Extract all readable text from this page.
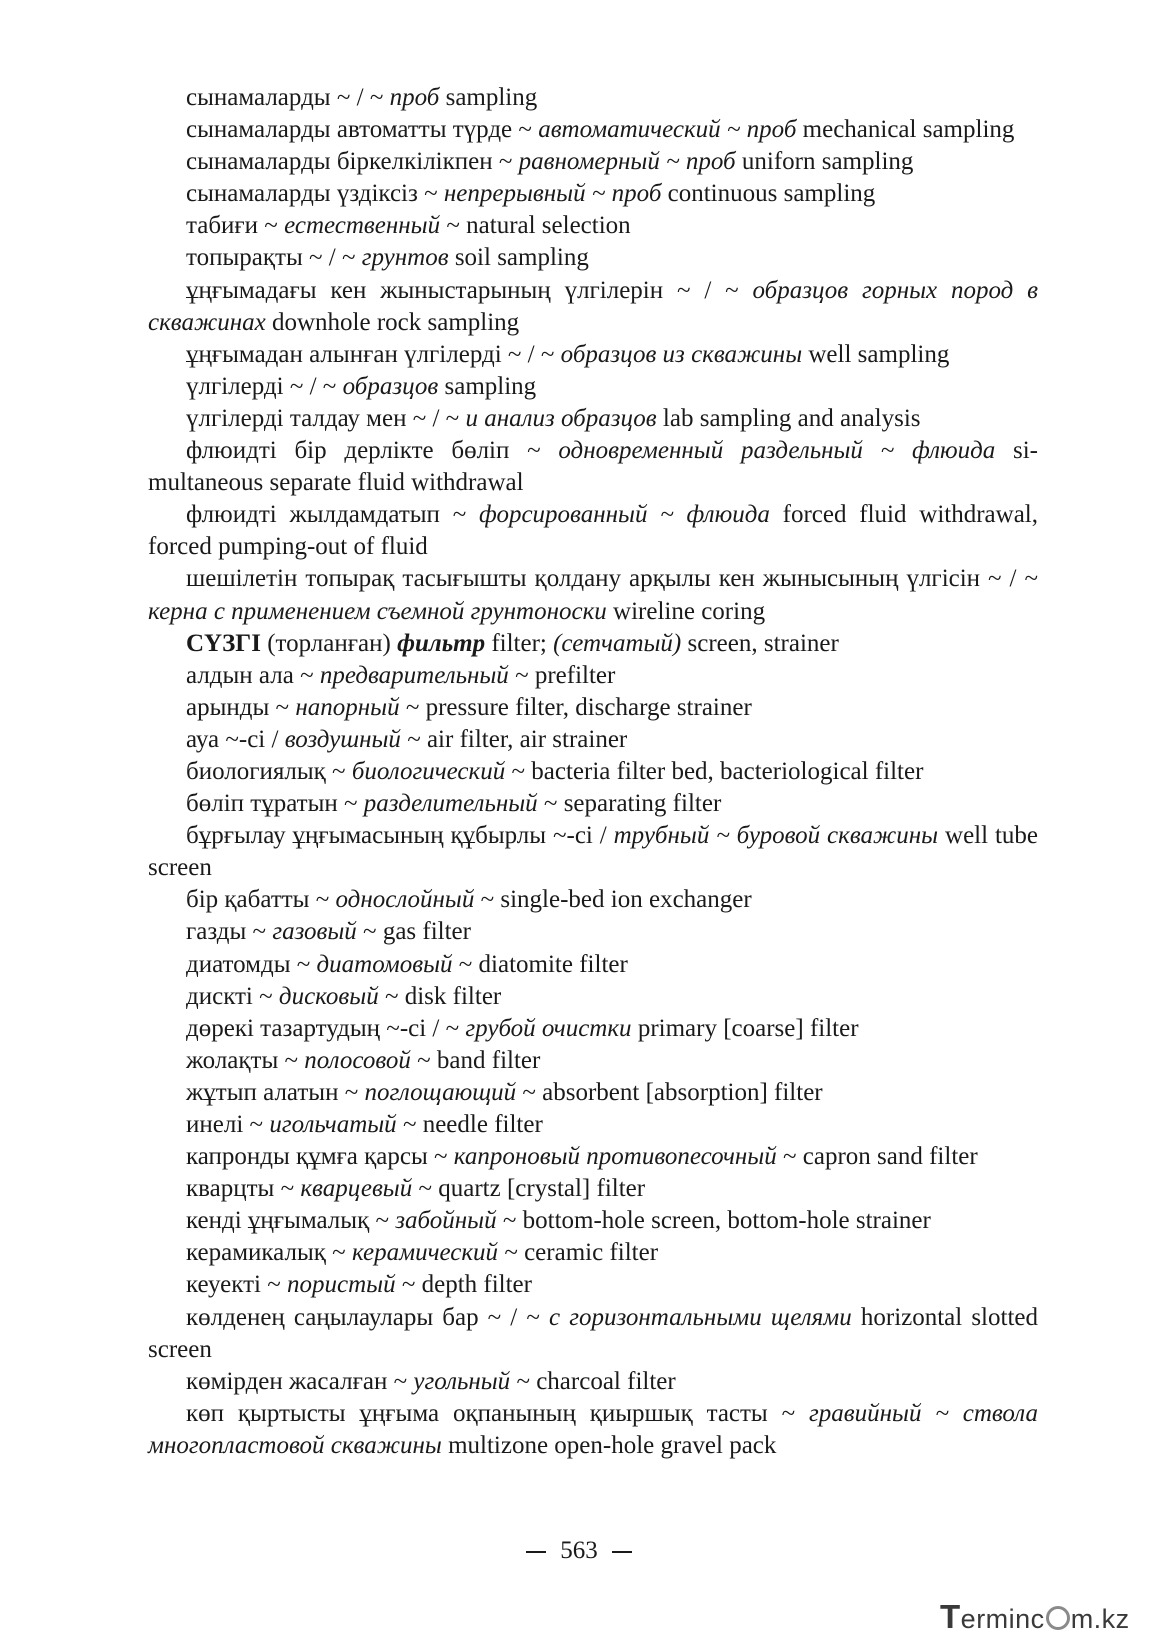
сынамаларды ~ / ~ проб sampling

сынамаларды автоматты түрде ~ автоматический ~ проб mechanical sampling

сынамаларды біркелкілікпен ~ равномерный ~ проб uniforn sampling

сынамаларды үздіксіз ~ непрерывный ~ проб continuous sampling

табиғи ~ естественный ~ natural selection

топырақты ~ / ~ грунтов soil sampling

ұңғымадағы кен жыныстарының үлгілерін ~ / ~ образцов горных пород в скважинах downhole rock sampling

ұңғымадан алынған үлгілерді ~ / ~ образцов из скважины well sampling

үлгілерді ~ / ~ образцов sampling

үлгілерді талдау мен ~ / ~ и анализ образцов lab sampling and analysis

флюидті бір дерлікте бөліп ~ одновременный раздельный ~ флюида simultaneous separate fluid withdrawal

флюидті жылдамдатып ~ форсированный ~ флюида forced fluid withdrawal, forced pumping-out of fluid

шешілетін топырақ тасығышты қолдану арқылы кен жынысының үлгісін ~ / ~ керна с применением съемной грунтоноски wireline coring

СҮЗГІ (торланған) фильтр filter; (сетчатый) screen, strainer

алдын ала ~ предварительный ~ prefilter

арынды ~ напорный ~ pressure filter, discharge strainer

ауа ~-сі / воздушный ~ air filter, air strainer

биологиялық ~ биологический ~ bacteria filter bed, bacteriological filter

бөліп тұратын ~ разделительный ~ separating filter

бұрғылау ұңғымасының құбырлы ~-сі / трубный ~ буровой скважины well tube screen

бір қабатты ~ однослойный ~ single-bed ion exchanger

газды ~ газовый ~ gas filter

диатомды ~ диатомовый ~ diatomite filter

дискті ~ дисковый ~ disk filter

дөрекі тазартудың ~-сі / ~ грубой очистки primary [coarse] filter

жолақты ~ полосовой ~ band filter

жұтып алатын ~ поглощающий ~ absorbent [absorption] filter

инелі ~ игольчатый ~ needle filter

капронды құмға қарсы ~ капроновый противопесочный ~ capron sand filter

кварцты ~ кварцевый ~ quartz [crystal] filter

кенді ұңғымалық ~ забойный ~ bottom-hole screen, bottom-hole strainer

керамикалық ~ керамический ~ ceramic filter

кеуекті ~ пористый ~ depth filter

көлденең саңылаулары бар ~ / ~ с горизонтальными щелями horizontal slotted screen

көмірден жасалған ~ угольный ~ charcoal filter

көп қыртысты ұңғыма оқпанының қиыршық тасты ~ гравийный ~ ствола многопластовой скважины multizone open-hole gravel pack

563
Terminc m.kz
